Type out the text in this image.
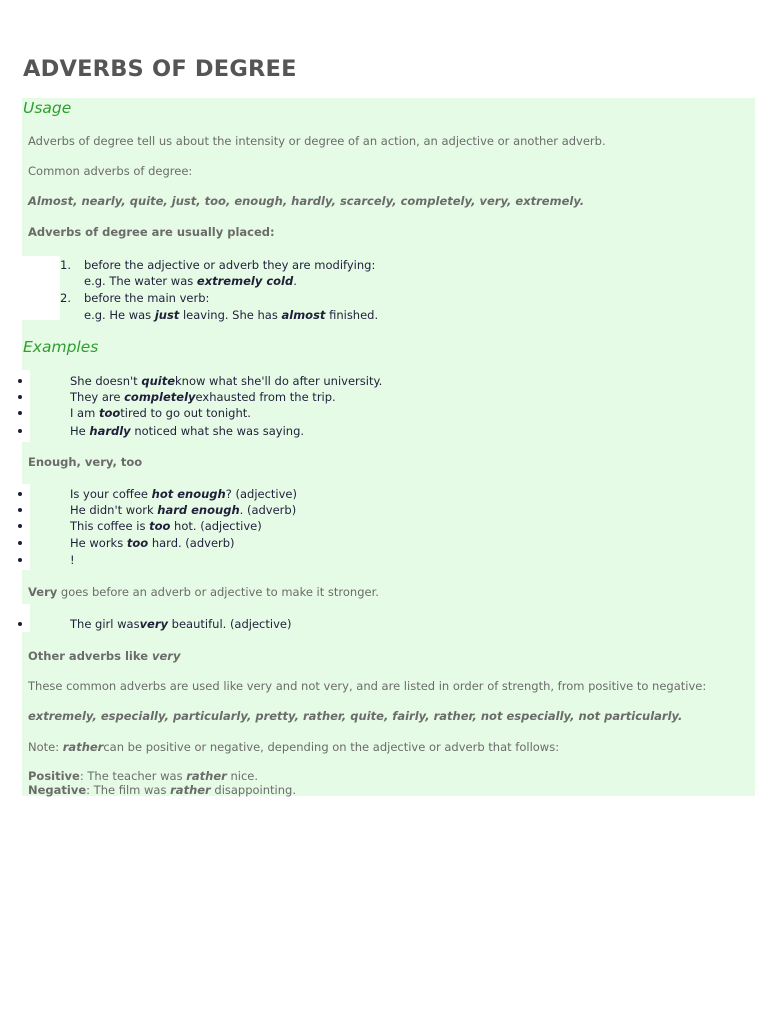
ADVERBS OF DEGREE
Usage
Adverbs of degree tell us about the intensity or degree of an action, an adjective or another adverb.
Common adverbs of degree:
Almost, nearly, quite, just, too, enough, hardly, scarcely, completely, very, extremely.
Adverbs of degree are usually placed:
1. before the adjective or adverb they are modifying:
e.g. The water was extremely cold.
2. before the main verb:
e.g. He was just leaving. She has almost finished.
Examples
She doesn't quiteknow what she'll do after university.
They are completelyexhausted from the trip.
I am tootired to go out tonight.
He hardly noticed what she was saying.
Enough, very, too
Is your coffee hot enough? (adjective)
He didn't work hard enough. (adverb)
This coffee is too hot. (adjective)
He works too hard. (adverb)
!
Very goes before an adverb or adjective to make it stronger.
The girl wasvery beautiful. (adjective)
Other adverbs like very
These common adverbs are used like very and not very, and are listed in order of strength, from positive to negative:
extremely, especially, particularly, pretty, rather, quite, fairly, rather, not especially, not particularly.
Note: rathercan be positive or negative, depending on the adjective or adverb that follows:
Positive: The teacher was rather nice.
Negative: The film was rather disappointing.
